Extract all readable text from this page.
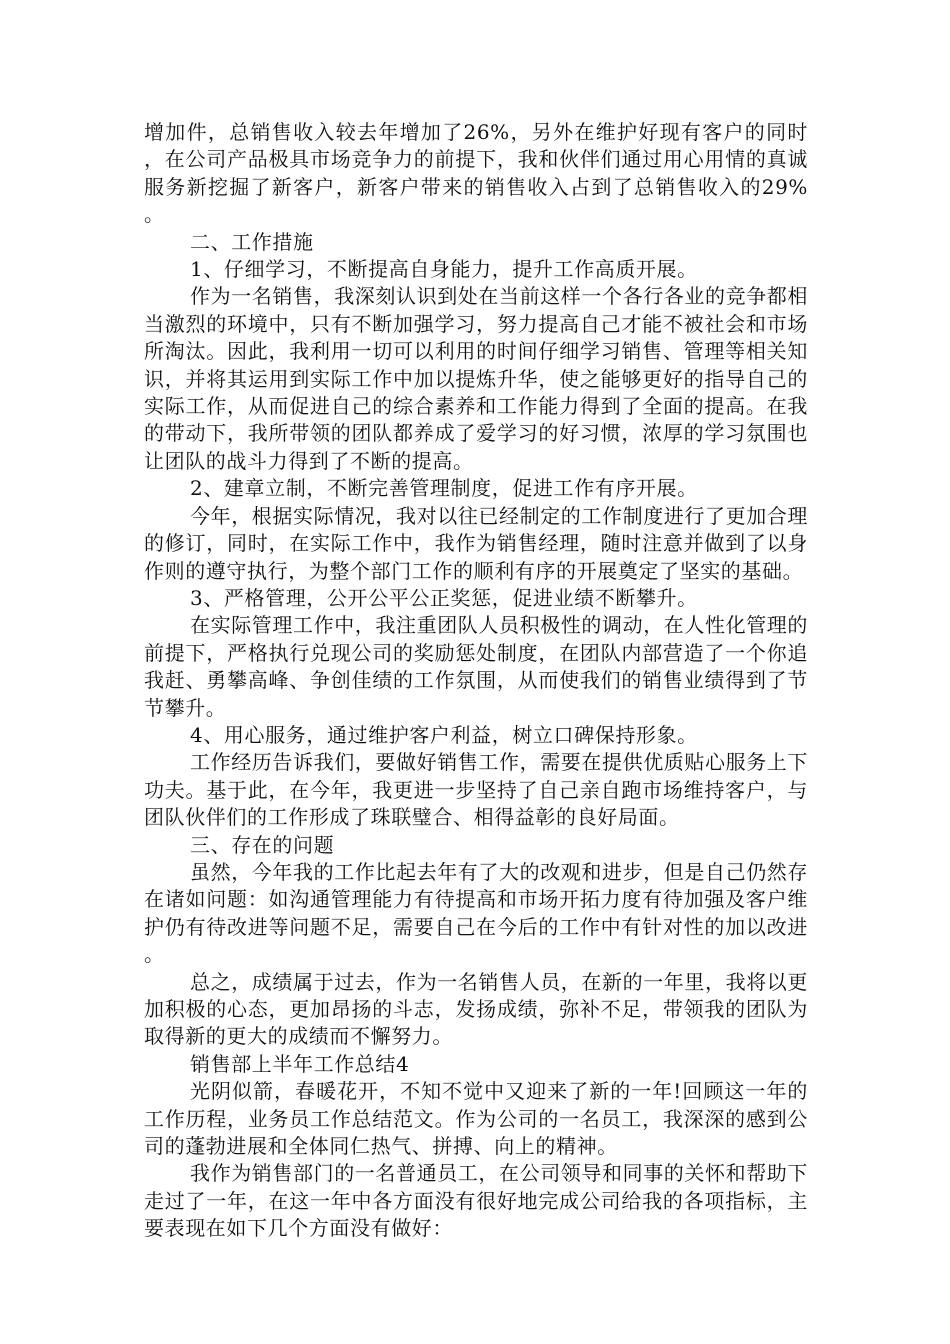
增加件，总销售收入较去年增加了26%，另外在维护好现有客户的同时，在公司产品极具市场竞争力的前提下，我和伙伴们通过用心用情的真诚服务新挖掘了新客户，新客户带来的销售收入占到了总销售收入的29%。

二、工作措施

1、仔细学习，不断提高自身能力，提升工作高质开展。

作为一名销售，我深刻认识到处在当前这样一个各行各业的竞争都相当激烈的环境中，只有不断加强学习，努力提高自己才能不被社会和市场所淘汰。因此，我利用一切可以利用的时间仔细学习销售、管理等相关知识，并将其运用到实际工作中加以提炼升华，使之能够更好的指导自己的实际工作，从而促进自己的综合素养和工作能力得到了全面的提高。在我的带动下，我所带领的团队都养成了爱学习的好习惯，浓厚的学习氛围也让团队的战斗力得到了不断的提高。

2、建章立制，不断完善管理制度，促进工作有序开展。

今年，根据实际情况，我对以往已经制定的工作制度进行了更加合理的修订，同时，在实际工作中，我作为销售经理，随时注意并做到了以身作则的遵守执行，为整个部门工作的顺利有序的开展奠定了坚实的基础。

3、严格管理，公开公平公正奖惩，促进业绩不断攀升。

在实际管理工作中，我注重团队人员积极性的调动，在人性化管理的前提下，严格执行兑现公司的奖励惩处制度，在团队内部营造了一个你追我赶、勇攀高峰、争创佳绩的工作氛围，从而使我们的销售业绩得到了节节攀升。

4、用心服务，通过维护客户利益，树立口碑保持形象。

工作经历告诉我们，要做好销售工作，需要在提供优质贴心服务上下功夫。基于此，在今年，我更进一步坚持了自己亲自跑市场维持客户，与团队伙伴们的工作形成了珠联璧合、相得益彰的良好局面。

三、存在的问题

虽然，今年我的工作比起去年有了大的改观和进步，但是自己仍然存在诸如问题：如沟通管理能力有待提高和市场开拓力度有待加强及客户维护仍有待改进等问题不足，需要自己在今后的工作中有针对性的加以改进。

总之，成绩属于过去，作为一名销售人员，在新的一年里，我将以更加积极的心态，更加昂扬的斗志，发扬成绩，弥补不足，带领我的团队为取得新的更大的成绩而不懈努力。

销售部上半年工作总结4

光阴似箭，春暖花开，不知不觉中又迎来了新的一年!回顾这一年的工作历程，业务员工作总结范文。作为公司的一名员工，我深深的感到公司的蓬勃进展和全体同仁热气、拼搏、向上的精神。

我作为销售部门的一名普通员工，在公司领导和同事的关怀和帮助下走过了一年，在这一年中各方面没有很好地完成公司给我的各项指标，主要表现在如下几个方面没有做好：
